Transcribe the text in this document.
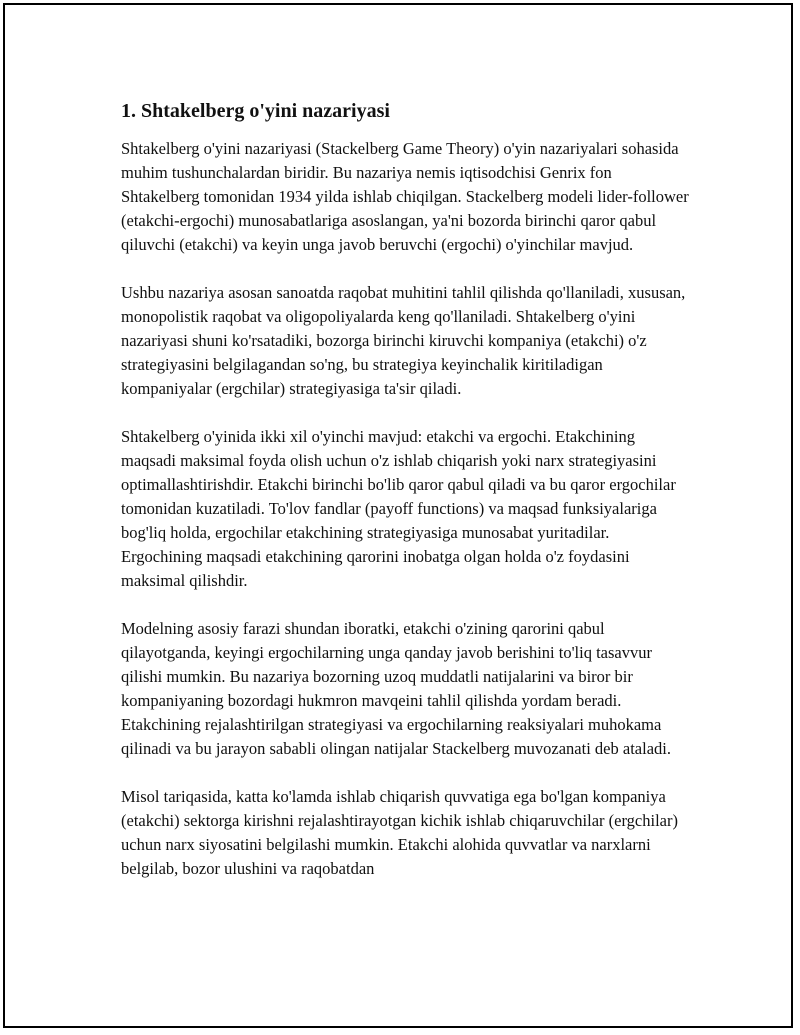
1. Shtakelberg o'yini nazariyasi

Shtakelberg o'yini nazariyasi (Stackelberg Game Theory) o'yin nazariyalari sohasida muhim tushunchalardan biridir. Bu nazariya nemis iqtisodchisi Genrix fon Shtakelberg tomonidan 1934 yilda ishlab chiqilgan. Stackelberg modeli lider-follower (etakchi-ergochi) munosabatlariga asoslangan, ya'ni bozorda birinchi qaror qabul qiluvchi (etakchi) va keyin unga javob beruvchi (ergochi) o'yinchilar mavjud.

Ushbu nazariya asosan sanoatda raqobat muhitini tahlil qilishda qo'llaniladi, xususan, monopolistik raqobat va oligopoliyalarda keng qo'llaniladi. Shtakelberg o'yini nazariyasi shuni ko'rsatadiki, bozorga birinchi kiruvchi kompaniya (etakchi) o'z strategiyasini belgilagandan so'ng, bu strategiya keyinchalik kiritiladigan kompaniyalar (ergchilar) strategiyasiga ta'sir qiladi.

Shtakelberg o'yinida ikki xil o'yinchi mavjud: etakchi va ergochi. Etakchining maqsadi maksimal foyda olish uchun o'z ishlab chiqarish yoki narx strategiyasini optimallashtirishdir. Etakchi birinchi bo'lib qaror qabul qiladi va bu qaror ergochilar tomonidan kuzatiladi. To'lov fandlar (payoff functions) va maqsad funksiyalariga bog'liq holda, ergochilar etakchining strategiyasiga munosabat yuritadilar. Ergochining maqsadi etakchining qarorini inobatga olgan holda o'z foydasini maksimal qilishdir.

Modelning asosiy farazi shundan iboratki, etakchi o'zining qarorini qabul qilayotganda, keyingi ergochilarning unga qanday javob berishini to'liq tasavvur qilishi mumkin. Bu nazariya bozorning uzoq muddatli natijalarini va biror bir kompaniyaning bozordagi hukmron mavqeini tahlil qilishda yordam beradi. Etakchining rejalashtirilgan strategiyasi va ergochilarning reaksiyalari muhokama qilinadi va bu jarayon sababli olingan natijalar Stackelberg muvozanati deb ataladi.

Misol tariqasida, katta ko'lamda ishlab chiqarish quvvatiga ega bo'lgan kompaniya (etakchi) sektorga kirishni rejalashtirayotgan kichik ishlab chiqaruvchilar (ergchilar) uchun narx siyosatini belgilashi mumkin. Etakchi alohida quvvatlar va narxlarni belgilab, bozor ulushini va raqobatdan
